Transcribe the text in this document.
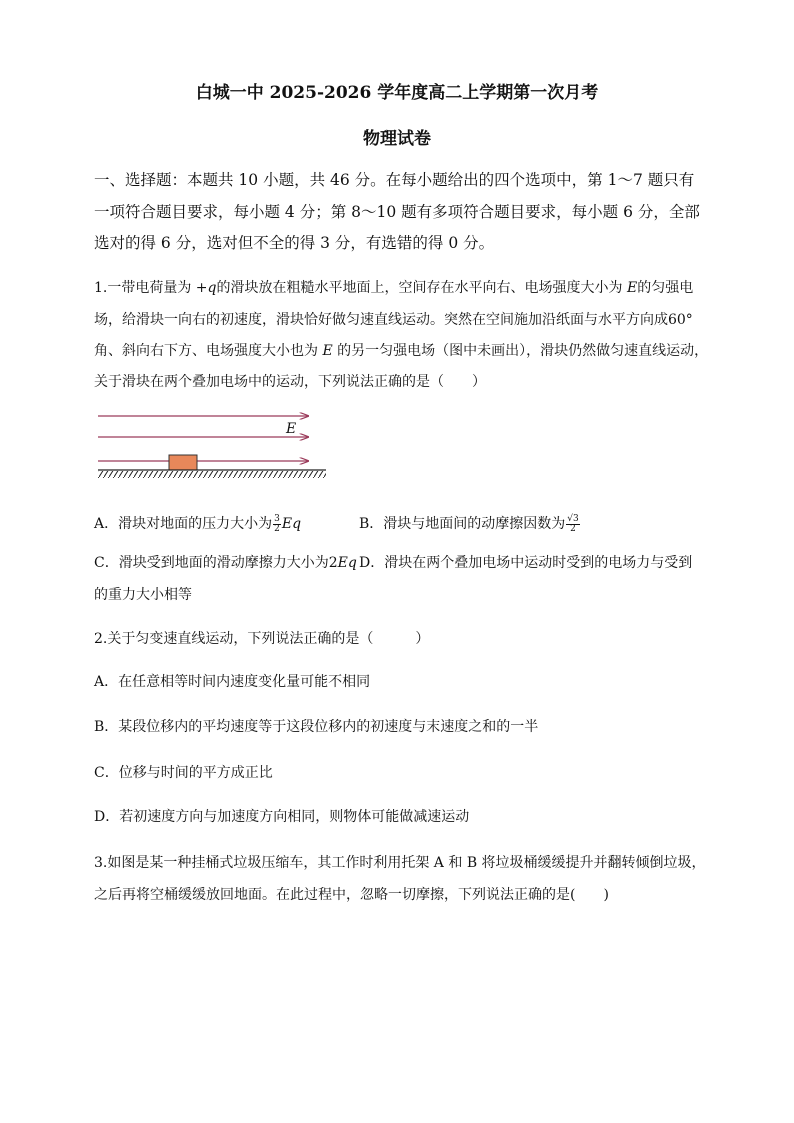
白城一中 2025-2026 学年度高二上学期第一次月考
物理试卷
一、选择题：本题共 10 小题，共 46 分。在每小题给出的四个选项中，第 1～7 题只有
一项符合题目要求，每小题 4 分；第 8～10 题有多项符合题目要求，每小题 6 分，全部
选对的得 6 分，选对但不全的得 3 分，有选错的得 0 分。
1.一带电荷量为 +q的滑块放在粗糙水平地面上，空间存在水平向右、电场强度大小为 E的匀强电
场，给滑块一向右的初速度，滑块恰好做匀速直线运动。突然在空间施加沿纸面与水平方向成60°
角、斜向右下方、电场强度大小也为 E 的另一匀强电场（图中未画出），滑块仍然做匀速直线运动，
关于滑块在两个叠加电场中的运动，下列说法正确的是（　　）
E
A．滑块对地面的压力大小为 $\frac{3}{2}$ Eq	B．滑块与地面间的动摩擦因数为 $\frac{√3}{2}$
C．滑块受到地面的滑动摩擦力大小为2Eq D．滑块在两个叠加电场中运动时受到的电场力与受到
的重力大小相等
2.关于匀变速直线运动，下列说法正确的是（　　　）
A．在任意相等时间内速度变化量可能不相同
B．某段位移内的平均速度等于这段位移内的初速度与末速度之和的一半
C．位移与时间的平方成正比
D．若初速度方向与加速度方向相同，则物体可能做减速运动
3.如图是某一种挂桶式垃圾压缩车，其工作时利用托架 A 和 B 将垃圾桶缓缓提升并翻转倾倒垃圾，
之后再将空桶缓缓放回地面。在此过程中，忽略一切摩擦，下列说法正确的是(　　)
